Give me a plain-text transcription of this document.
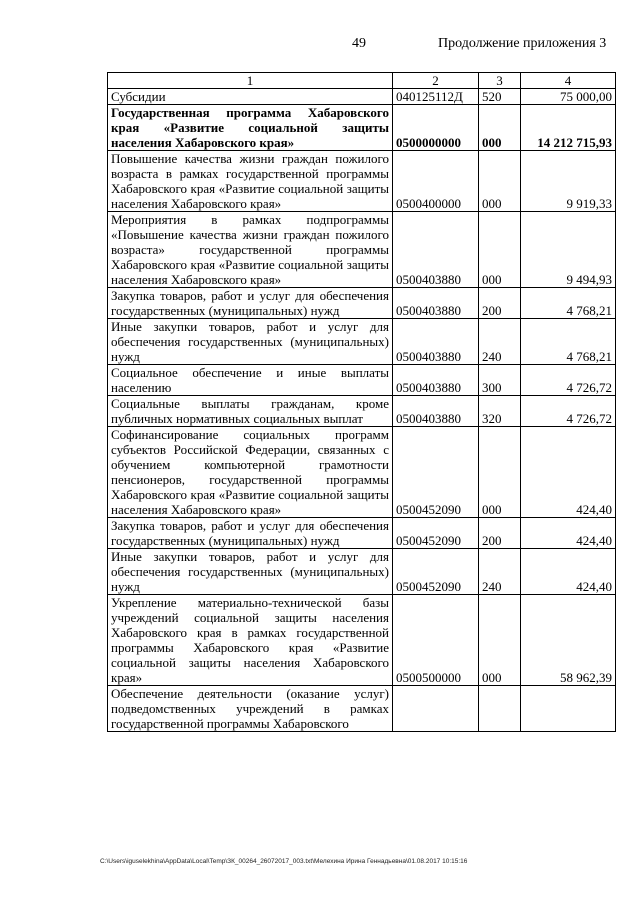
49	Продолжение приложения 3
1	2	3	4
Субсидии	040125112Д	520	75 000,00
Государственная программа Хабаровского края «Развитие социальной защиты населения Хабаровского края»	0500000000	000	14 212 715,93
Повышение качества жизни граждан пожилого возраста в рамках государственной программы Хабаровского края «Развитие социальной защиты населения Хабаровского края»	0500400000	000	9 919,33
Мероприятия в рамках подпрограммы «Повышение качества жизни граждан пожилого возраста» государственной программы Хабаровского края «Развитие социальной защиты населения Хабаровского края»	0500403880	000	9 494,93
Закупка товаров, работ и услуг для обеспечения государственных (муниципальных) нужд	0500403880	200	4 768,21
Иные закупки товаров, работ и услуг для обеспечения государственных (муниципальных) нужд	0500403880	240	4 768,21
Социальное обеспечение и иные выплаты населению	0500403880	300	4 726,72
Социальные выплаты гражданам, кроме публичных нормативных социальных выплат	0500403880	320	4 726,72
Софинансирование социальных программ субъектов Российской Федерации, связанных с обучением компьютерной грамотности пенсионеров, государственной программы Хабаровского края «Развитие социальной защиты населения Хабаровского края»	0500452090	000	424,40
Закупка товаров, работ и услуг для обеспечения государственных (муниципальных) нужд	0500452090	200	424,40
Иные закупки товаров, работ и услуг для обеспечения государственных (муниципальных) нужд	0500452090	240	424,40
Укрепление материально-технической базы учреждений социальной защиты населения Хабаровского края в рамках государственной программы Хабаровского края «Развитие социальной защиты населения Хабаровского края»	0500500000	000	58 962,39
Обеспечение деятельности (оказание услуг) подведомственных учреждений в рамках государственной программы Хабаровского			
C:\Users\iguselekhina\AppData\Local\Temp\ЗК_00264_26072017_003.txt\Мелехина Ирина Геннадьевна\01.08.2017 10:15:16
